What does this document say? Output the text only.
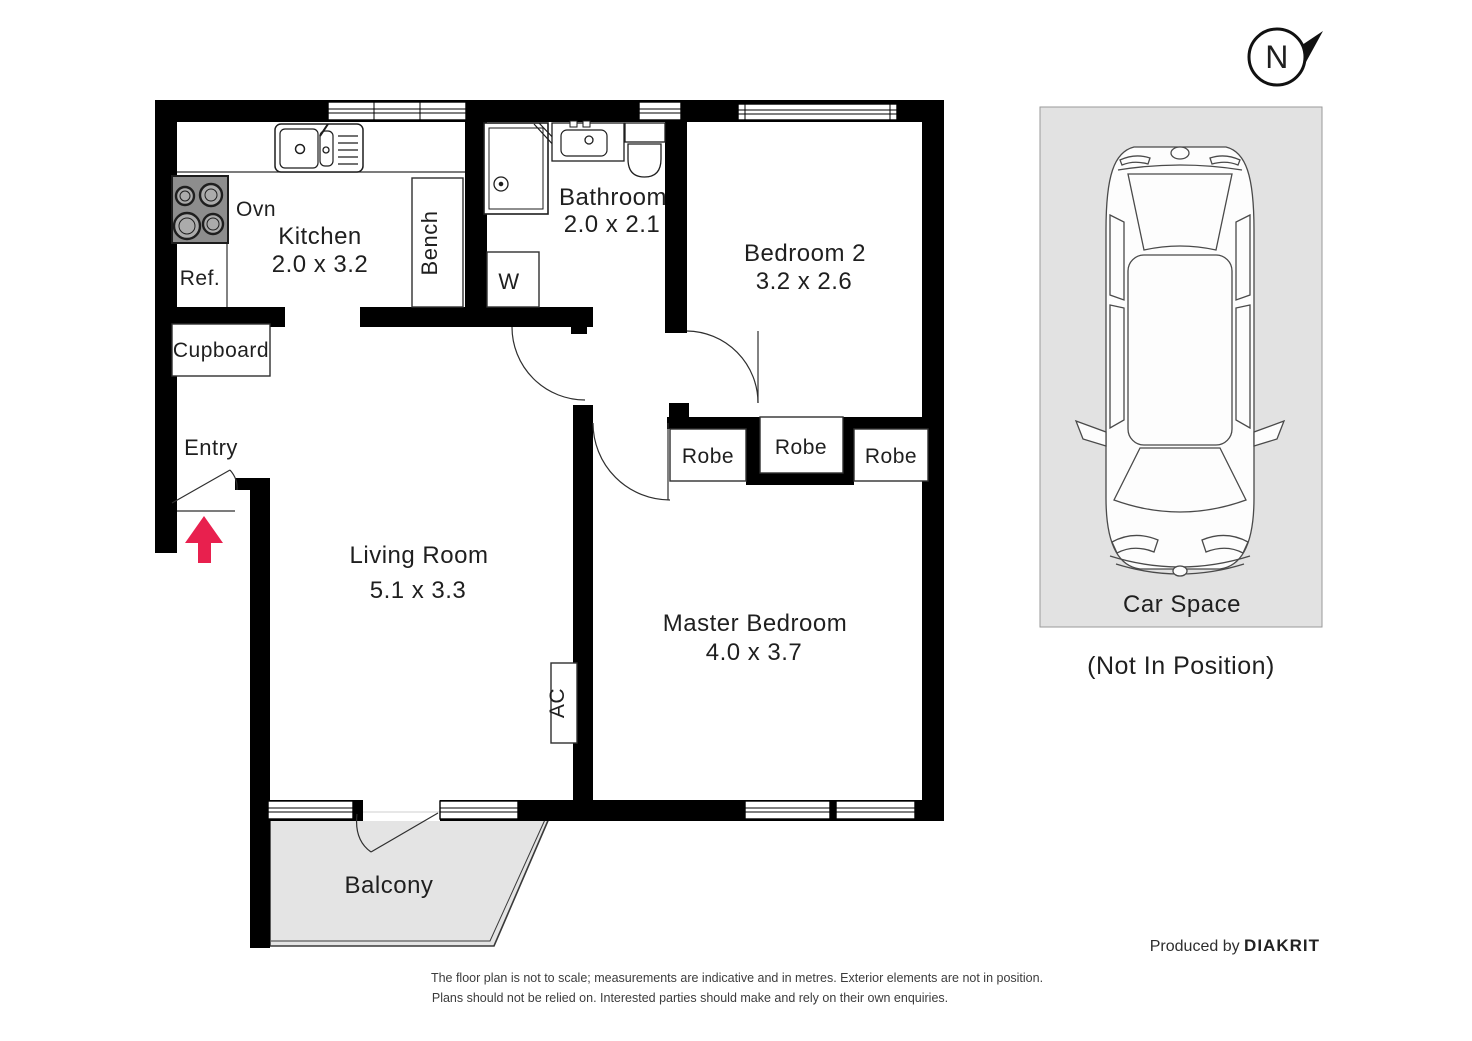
N
Car Space
(Not In Position)
Ovn
Kitchen
2.0 x 3.2
Ref.
Bench
Bathroom
2.0 x 2.1
W
Bedroom 2
3.2 x 2.6
Cupboard
Entry	Robe Robe Robe
Living Room
5.1 x 3.3
Master Bedroom
4.0 x 3.7
AC
Balcony
Produced by DIAKRIT
The floor plan is not to scale; measurements are indicative and in metres. Exterior elements are not in position.
Plans should not be relied on. Interested parties should make and rely on their own enquiries.
